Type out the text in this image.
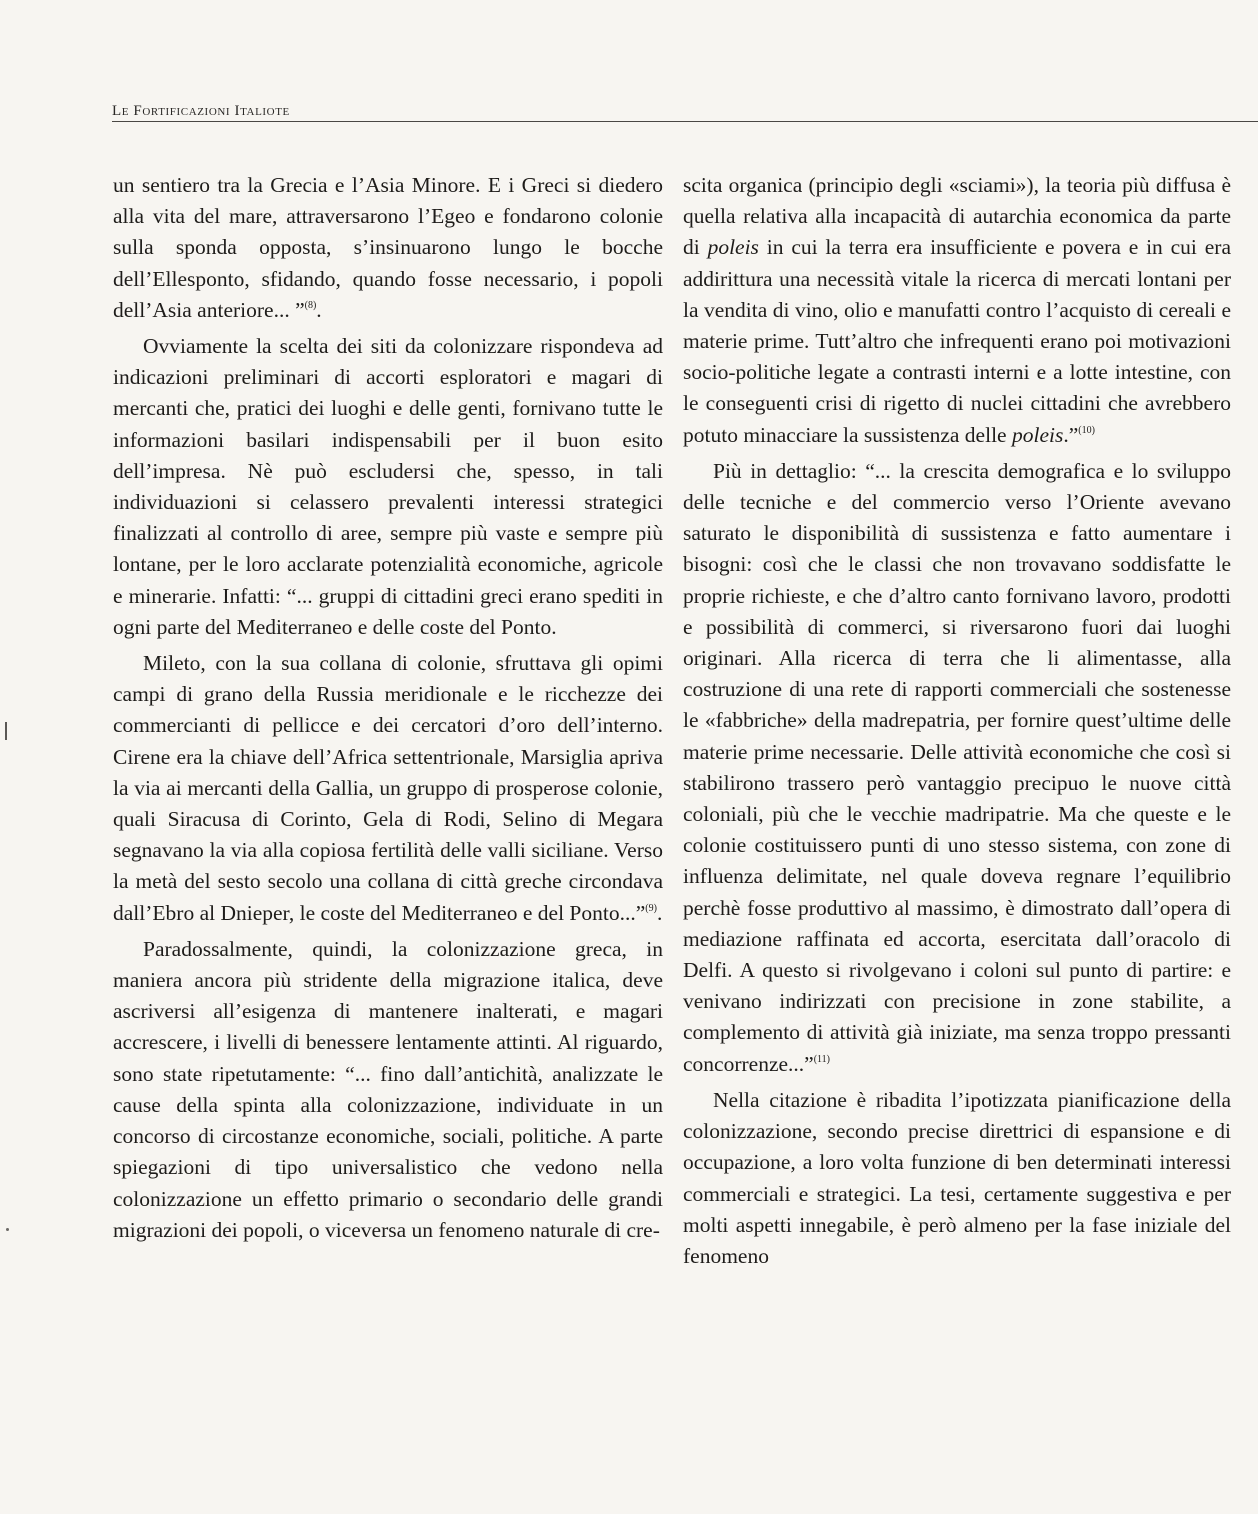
Le Fortificazioni Italiote

un sentiero tra la Grecia e l’Asia Minore. E i Greci si diedero alla vita del mare, attraversarono l’Egeo e fondarono colonie sulla sponda opposta, s’insinuarono lungo le bocche dell’Ellesponto, sfidando, quando fosse necessario, i popoli dell’Asia anteriore... ”$^{(8)}$.

Ovviamente la scelta dei siti da colonizzare rispondeva ad indicazioni preliminari di accorti esploratori e magari di mercanti che, pratici dei luoghi e delle genti, fornivano tutte le informazioni basilari indispensabili per il buon esito dell’impresa. Nè può escludersi che, spesso, in tali individuazioni si celassero prevalenti interessi strategici finalizzati al controllo di aree, sempre più vaste e sempre più lontane, per le loro acclarate potenzialità economiche, agricole e minerarie. Infatti: “... gruppi di cittadini greci erano spediti in ogni parte del Mediterraneo e delle coste del Ponto.

Mileto, con la sua collana di colonie, sfruttava gli opimi campi di grano della Russia meridionale e le ricchezze dei commercianti di pellicce e dei cercatori d’oro dell’interno. Cirene era la chiave dell’Africa settentrionale, Marsiglia apriva la via ai mercanti della Gallia, un gruppo di prosperose colonie, quali Siracusa di Corinto, Gela di Rodi, Selino di Megara segnavano la via alla copiosa fertilità delle valli siciliane. Verso la metà del sesto secolo una collana di città greche circondava dall’Ebro al Dnieper, le coste del Mediterraneo e del Ponto...”$^{(9)}$.

Paradossalmente, quindi, la colonizzazione greca, in maniera ancora più stridente della migrazione italica, deve ascriversi all’esigenza di mantenere inalterati, e magari accrescere, i livelli di benessere lentamente attinti. Al riguardo, sono state ripetutamente: “... fino dall’antichità, analizzate le cause della spinta alla colonizzazione, individuate in un concorso di circostanze economiche, sociali, politiche. A parte spiegazioni di tipo universalistico che vedono nella colonizzazione un effetto primario o secondario delle grandi migrazioni dei popoli, o viceversa un fenomeno naturale di cre-

scita organica (principio degli «sciami»), la teoria più diffusa è quella relativa alla incapacità di autarchia economica da parte di poleis in cui la terra era insufficiente e povera e in cui era addirittura una necessità vitale la ricerca di mercati lontani per la vendita di vino, olio e manufatti contro l’acquisto di cereali e materie prime. Tutt’altro che infrequenti erano poi motivazioni socio-politiche legate a contrasti interni e a lotte intestine, con le conseguenti crisi di rigetto di nuclei cittadini che avrebbero potuto minacciare la sussistenza delle poleis.”$^{(10)}$

Più in dettaglio: “... la crescita demografica e lo sviluppo delle tecniche e del commercio verso l’Oriente avevano saturato le disponibilità di sussistenza e fatto aumentare i bisogni: così che le classi che non trovavano soddisfatte le proprie richieste, e che d’altro canto fornivano lavoro, prodotti e possibilità di commerci, si riversarono fuori dai luoghi originari. Alla ricerca di terra che li alimentasse, alla costruzione di una rete di rapporti commerciali che sostenesse le «fabbriche» della madrepatria, per fornire quest’ultime delle materie prime necessarie. Delle attività economiche che così si stabilirono trassero però vantaggio precipuo le nuove città coloniali, più che le vecchie madripatrie. Ma che queste e le colonie costituissero punti di uno stesso sistema, con zone di influenza delimitate, nel quale doveva regnare l’equilibrio perchè fosse produttivo al massimo, è dimostrato dall’opera di mediazione raffinata ed accorta, esercitata dall’oracolo di Delfi. A questo si rivolgevano i coloni sul punto di partire: e venivano indirizzati con precisione in zone stabilite, a complemento di attività già iniziate, ma senza troppo pressanti concorrenze...”$^{(11)}$

Nella citazione è ribadita l’ipotizzata pianificazione della colonizzazione, secondo precise direttrici di espansione e di occupazione, a loro volta funzione di ben determinati interessi commerciali e strategici. La tesi, certamente suggestiva e per molti aspetti innegabile, è però almeno per la fase iniziale del fenomeno
